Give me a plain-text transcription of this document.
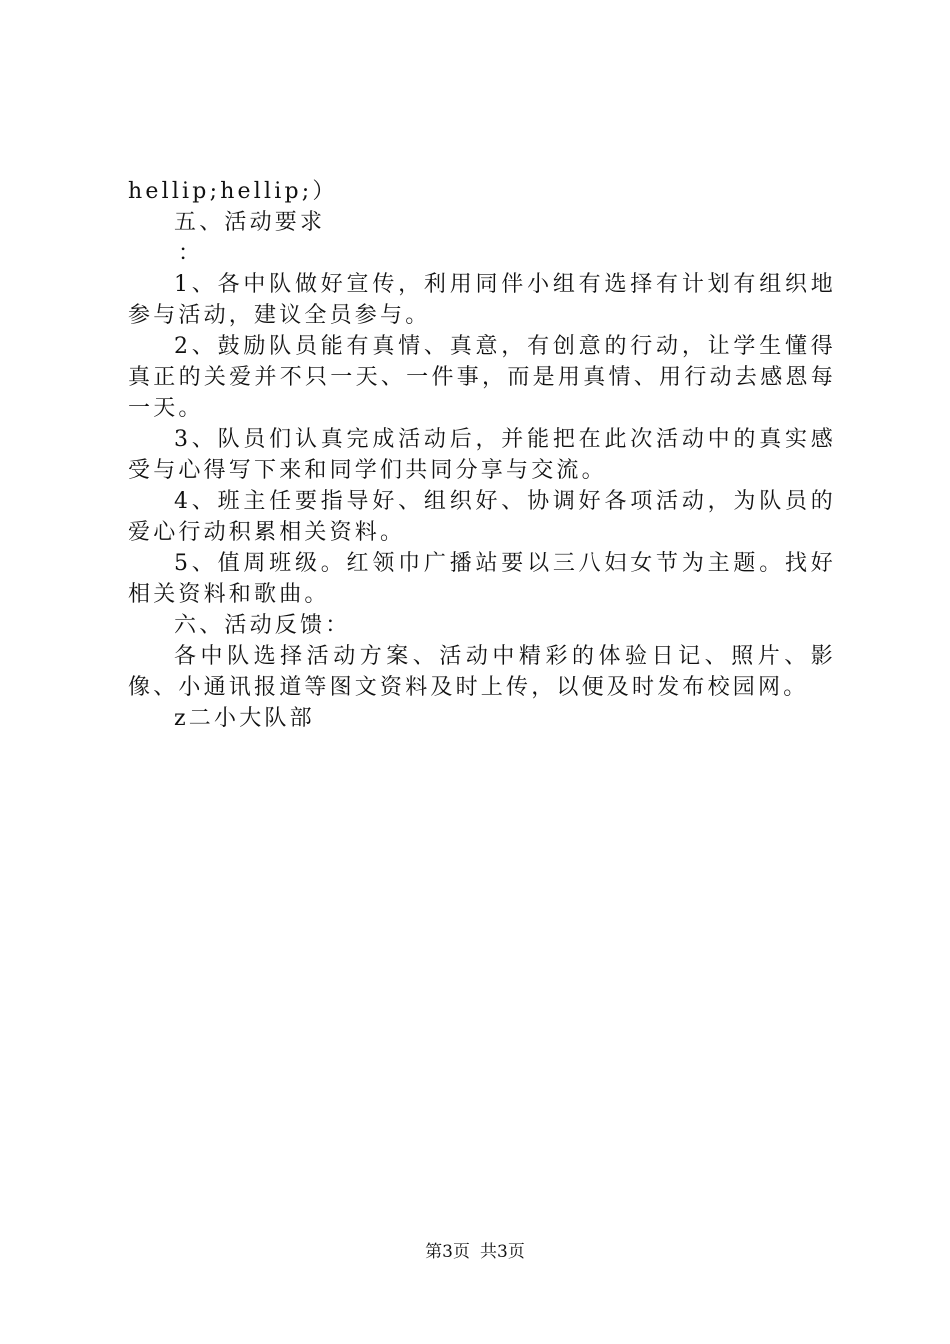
hellip;hellip;）
五、活动要求
：

1、各中队做好宣传，利用同伴小组有选择有计划有组织地参与活动，建议全员参与。

2、鼓励队员能有真情、真意，有创意的行动，让学生懂得真正的关爱并不只一天、一件事，而是用真情、用行动去感恩每一天。

3、队员们认真完成活动后，并能把在此次活动中的真实感受与心得写下来和同学们共同分享与交流。

4、班主任要指导好、组织好、协调好各项活动，为队员的爱心行动积累相关资料。

5、值周班级。红领巾广播站要以三八妇女节为主题。找好相关资料和歌曲。

六、活动反馈：

各中队选择活动方案、活动中精彩的体验日记、照片、影像、小通讯报道等图文资料及时上传，以便及时发布校园网。

z二小大队部
第3页 共3页
